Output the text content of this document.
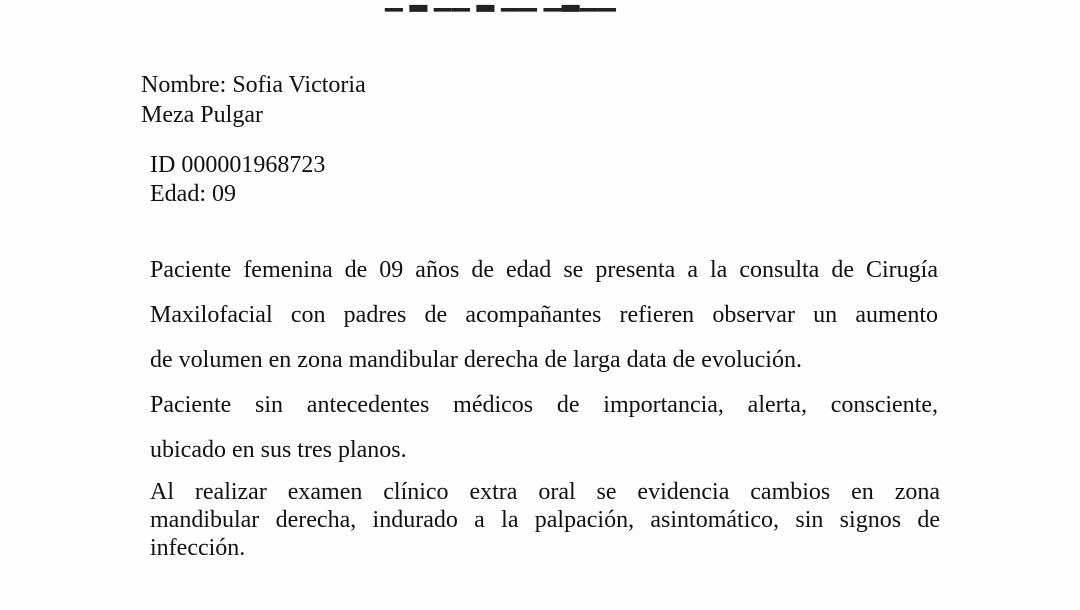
Nombre: Sofia Victoria
Meza Pulgar
ID 000001968723
Edad: 09
Paciente femenina de 09 años de edad se presenta a la consulta de Cirugía
Maxilofacial con padres de acompañantes refieren observar un aumento
de volumen en zona mandibular derecha de larga data de evolución.
Paciente sin antecedentes médicos de importancia, alerta, consciente,
ubicado en sus tres planos.
Al realizar examen clínico extra oral se evidencia cambios en zona
mandibular derecha, indurado a la palpación, asintomático, sin signos de
infección.
